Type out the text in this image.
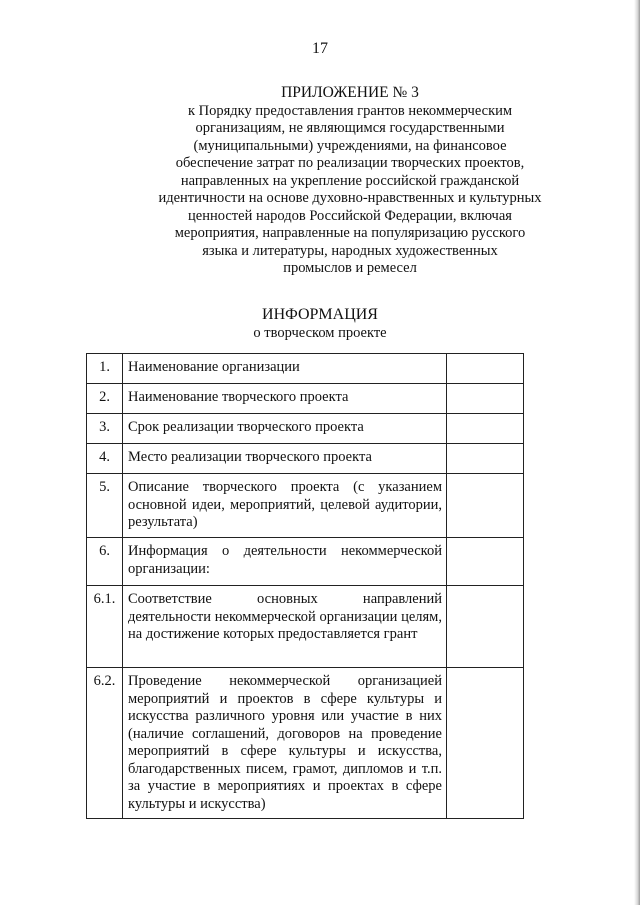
17
ПРИЛОЖЕНИЕ № 3
к Порядку предоставления грантов некоммерческим
организациям, не являющимся государственными
(муниципальными) учреждениями, на финансовое
обеспечение затрат по реализации творческих проектов,
направленных на укрепление российской гражданской
идентичности на основе духовно-нравственных и культурных
ценностей народов Российской Федерации, включая
мероприятия, направленные на популяризацию русского
языка и литературы, народных художественных
промыслов и ремесел
ИНФОРМАЦИЯ
о творческом проекте
1.	Наименование организации	
2.	Наименование творческого проекта	
3.	Срок реализации творческого проекта	
4.	Место реализации творческого проекта	
5.	Описание творческого проекта (с указанием основной идеи, мероприятий, целевой аудитории, результата)	
6.	Информация о деятельности некоммерческой организации:	
6.1.	Соответствие основных направлений деятельности некоммерческой организации целям, на достижение которых предоставляется грант	
6.2.	Проведение некоммерческой организацией мероприятий и проектов в сфере культуры и искусства различного уровня или участие в них (наличие соглашений, договоров на проведение мероприятий в сфере культуры и искусства, благодарственных писем, грамот, дипломов и т.п. за участие в мероприятиях и проектах в сфере культуры и искусства)	
